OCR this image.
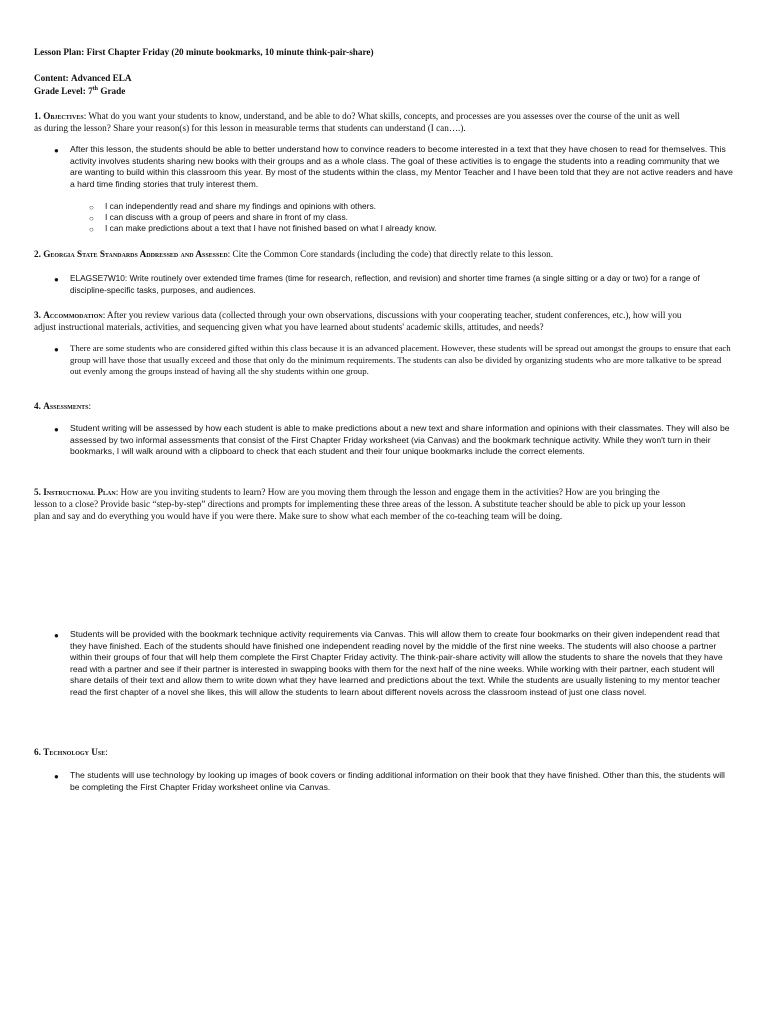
Lesson Plan: First Chapter Friday (20 minute bookmarks, 10 minute think-pair-share)
Content: Advanced ELA
Grade Level: 7th Grade
1. Objectives: What do you want your students to know, understand, and be able to do? What skills, concepts, and processes are you assesses over the course of the unit as well
as during the lesson? Share your reason(s) for this lesson in measurable terms that students can understand (I can….).
● After this lesson, the students should be able to better understand how to convince readers to become interested in a text that they have chosen to read for themselves. This activity involves students sharing new books with their groups and as a whole class. The goal of these activities is to engage the students into a reading community that we are wanting to build within this classroom this year. By most of the students within the class, my Mentor Teacher and I have been told that they are not active readers and have a hard time finding stories that truly interest them.
○ I can independently read and share my findings and opinions with others.
○ I can discuss with a group of peers and share in front of my class.
○ I can make predictions about a text that I have not finished based on what I already know.
2. Georgia State Standards Addressed and Assessed: Cite the Common Core standards (including the code) that directly relate to this lesson.
● ELAGSE7W10: Write routinely over extended time frames (time for research, reflection, and revision) and shorter time frames (a single sitting or a day or two) for a range of discipline-specific tasks, purposes, and audiences.
3. Accommodation: After you review various data (collected through your own observations, discussions with your cooperating teacher, student conferences, etc.), how will you
adjust instructional materials, activities, and sequencing given what you have learned about students' academic skills, attitudes, and needs?
● There are some students who are considered gifted within this class because it is an advanced placement. However, these students will be spread out amongst the groups to ensure that each group will have those that usually exceed and those that only do the minimum requirements. The students can also be divided by organizing students who are more talkative to be spread out evenly among the groups instead of having all the shy students within one group.
4. Assessments:
● Student writing will be assessed by how each student is able to make predictions about a new text and share information and opinions with their classmates. They will also be assessed by two informal assessments that consist of the First Chapter Friday worksheet (via Canvas) and the bookmark technique activity. While they won't turn in their bookmarks, I will walk around with a clipboard to check that each student and their four unique bookmarks include the correct elements.
5. Instructional Plan: How are you inviting students to learn? How are you moving them through the lesson and engage them in the activities? How are you bringing the
lesson to a close? Provide basic “step-by-step” directions and prompts for implementing these three areas of the lesson. A substitute teacher should be able to pick up your lesson
plan and say and do everything you would have if you were there. Make sure to show what each member of the co-teaching team will be doing.
● Students will be provided with the bookmark technique activity requirements via Canvas. This will allow them to create four bookmarks on their given independent read that they have finished. Each of the students should have finished one independent reading novel by the middle of the first nine weeks. The students will also choose a partner within their groups of four that will help them complete the First Chapter Friday activity. The think-pair-share activity will allow the students to share the novels that they have read with a partner and see if their partner is interested in swapping books with them for the next half of the nine weeks. While working with their partner, each student will share details of their text and allow them to write down what they have learned and predictions about the text. While the students are usually listening to my mentor teacher read the first chapter of a novel she likes, this will allow the students to learn about different novels across the classroom instead of just one class novel.
6. Technology Use:
● The students will use technology by looking up images of book covers or finding additional information on their book that they have finished. Other than this, the students will be completing the First Chapter Friday worksheet online via Canvas.
